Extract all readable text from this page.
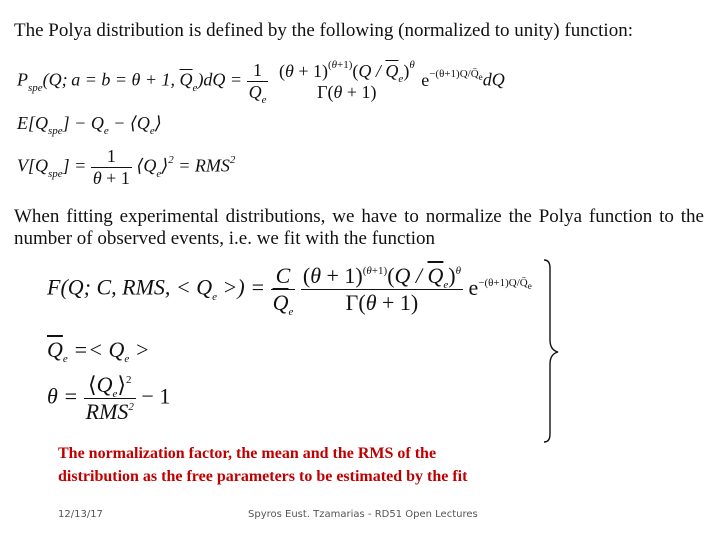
The Polya distribution is defined by the following (normalized to unity) function:
$P_{spe}(Q$; a = b = θ + 1, $\overline{Q}_e)dQ = \frac{1}{Q_e}$
$(\theta + 1)^{(\theta+1)}(Q / \overline{Q}_e)^\theta$
Γ(θ + 1)
$e^{-(\theta+1)Q/Q̄_e}dQ$
$E[Q_{spe}] - Q_e$ − $⟨Q_e⟩$
$V[Q_{spe}] = \frac{1}{\theta + 1}$ $⟨Q_e⟩^2 = RMS^2$
When fitting experimental distributions, we have to normalize the Polya function to the number of observed events, i.e. we fit with the function
F(Q; C, RMS, < $Q_e$ >) = $\frac{C}{\overline{Q}_e}$
$\frac{(\theta + 1)^{(\theta+1)}(Q / \overline{Q}_e)^\theta}{\Gamma(\theta + 1)} e^{-(\theta+1)Q/Q̄_e}$
$\overline{Q}_e =< Q_e$ >
$\theta = \frac{⟨Q_e⟩^2}{RMS^2} - 1$
The normalization factor, the mean and the RMS of the
distribution as the free parameters to be estimated by the fit
12/13/17	Spyros Eust. Tzamarias - RD51 Open Lectures
